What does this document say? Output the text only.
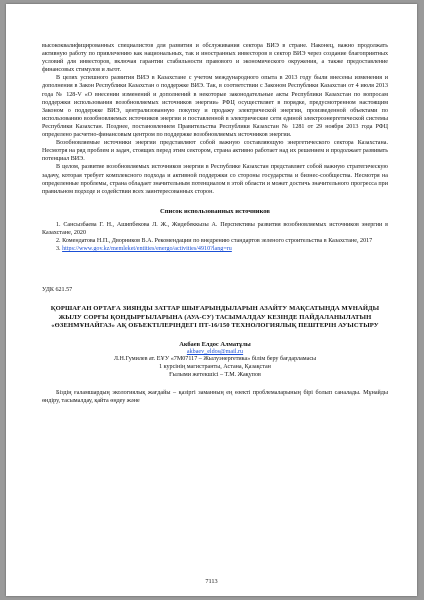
высококвалифицированных специалистов для развития и обслуживания сектора ВИЭ в стране. Наконец, важно продолжать активную работу по привлечению как национальных, так и иностранных инвесторов в сектор ВИЭ через создание благоприятных условий для инвесторов, включая гарантии стабильности правового и экономического окружения, а также предоставление финансовых стимулов и льгот.

В целях успешного развития ВИЭ в Казахстане с учетом международного опыта в 2013 году были внесены изменения и дополнения в Закон Республики Казахстан о поддержке ВИЭ. Так, в соответствии с Законом Республики Казахстан от 4 июля 2013 года № 128-V «О внесении изменений и дополнений в некоторые законодательные акты Республики Казахстан по вопросам поддержки использования возобновляемых источников энергии» РФЦ осуществляет в порядке, предусмотренном настоящим Законом о поддержке ВИЭ, централизованную покупку и продажу электрической энергии, произведенной объектами по использованию возобновляемых источников энергии и поставленной в электрические сети единой электроэнергетической системы Республики Казахстан. Позднее, постановлением Правительства Республики Казахстан № 1281 от 29 ноября 2013 года РФЦ определено расчетно-финансовым центром по поддержке возобновляемых источников энергии.

Возобновляемые источники энергии представляют собой важную составляющую энергетического сектора Казахстана. Несмотря на ряд проблем и задач, стоящих перед этим сектором, страна активно работает над их решением и продолжает развивать потенциал ВИЭ.

В целом, развитие возобновляемых источников энергии в Республике Казахстан представляет собой важную стратегическую задачу, которая требует комплексного подхода и активной поддержки со стороны государства и бизнес-сообщества. Несмотря на определенные проблемы, страна обладает значительным потенциалом в этой области и может достичь значительного прогресса при правильном подходе и содействии всех заинтересованных сторон.

Список использованных источников
1. Сансызбаева Г. Н., Ашипбекова Л. Ж., Жидебеккызы А. Перспективы развития возобновляемых источников энергии в Казахстане, 2020
2. Комендатова Н.П., Двоpников В.А. Рекомендации по внедрению стандартов зеленого строительства в Казахстане, 2017
3. https://www.gov.kz/memleket/entities/energo/activities/4910?lang=ru
УДК 621.57
ҚОРШАҒАН ОРТАҒА ЗИЯНДЫ ЗАТТАР ШЫҒАРЫНДЫЛАРЫН АЗАЙТУ МАҚСАТЫНДА МҰНАЙДЫ ЖЫЛУ СОРҒЫ ҚОНДЫРҒЫЛАРЫНА (АУА-СУ) ТАСЫМАЛДАУ КЕЗІНДЕ ПАЙДАЛАНЫЛАТЫН «ӨЗЕНМҰНАЙГАЗ» АҚ ОБЪЕКТІЛЕРІНДЕГІ ПТ-16/150 ТЕХНОЛОГИЯЛЫҚ ПЕШТЕРІН АУЫСТЫРУ
Акбаев Елдос Алматұлы
akbaev_eldos@mail.ru
Л.Н.Гумилев ат. ЕҰУ «7М07117 – Жылуэнергетика» білім беру бағдарламасы
1 курсінің магистранты, Астана, Қазақстан
Ғылыми жетекшісі – Т.М. Жақупов

Біздің ғаламшардың экологиялық жағдайы – қазіргі заманның ең өзекті проблемаларының бірі болып саналады. Мұнайды өндіру, тасымалдау, қайта өңдеу және

7113
